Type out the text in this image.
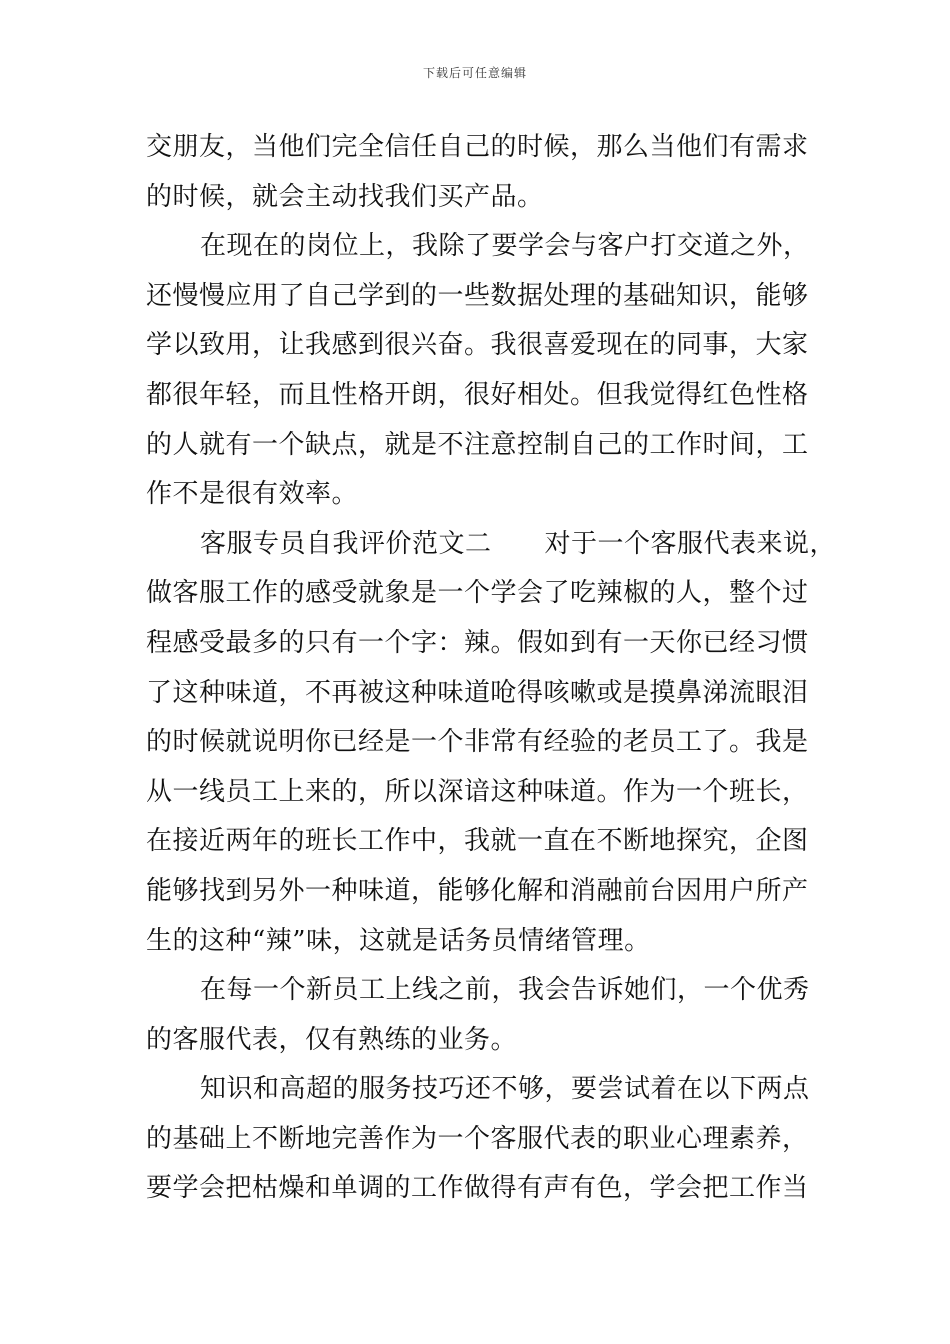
下载后可任意编辑
交朋友，当他们完全信任自己的时候，那么当他们有需求
的时候，就会主动找我们买产品。
在现在的岗位上，我除了要学会与客户打交道之外，
还慢慢应用了自己学到的一些数据处理的基础知识，能够
学以致用，让我感到很兴奋。我很喜爱现在的同事，大家
都很年轻，而且性格开朗，很好相处。但我觉得红色性格
的人就有一个缺点，就是不注意控制自己的工作时间，工
作不是很有效率。
客服专员自我评价范文二　　对于一个客服代表来说，
做客服工作的感受就象是一个学会了吃辣椒的人，整个过
程感受最多的只有一个字：辣。假如到有一天你已经习惯
了这种味道，不再被这种味道呛得咳嗽或是摸鼻涕流眼泪
的时候就说明你已经是一个非常有经验的老员工了。我是
从一线员工上来的，所以深谙这种味道。作为一个班长，
在接近两年的班长工作中，我就一直在不断地探究，企图
能够找到另外一种味道，能够化解和消融前台因用户所产
生的这种“辣”味，这就是话务员情绪管理。
在每一个新员工上线之前，我会告诉她们，一个优秀
的客服代表，仅有熟练的业务。
知识和高超的服务技巧还不够，要尝试着在以下两点
的基础上不断地完善作为一个客服代表的职业心理素养，
要学会把枯燥和单调的工作做得有声有色，学会把工作当
